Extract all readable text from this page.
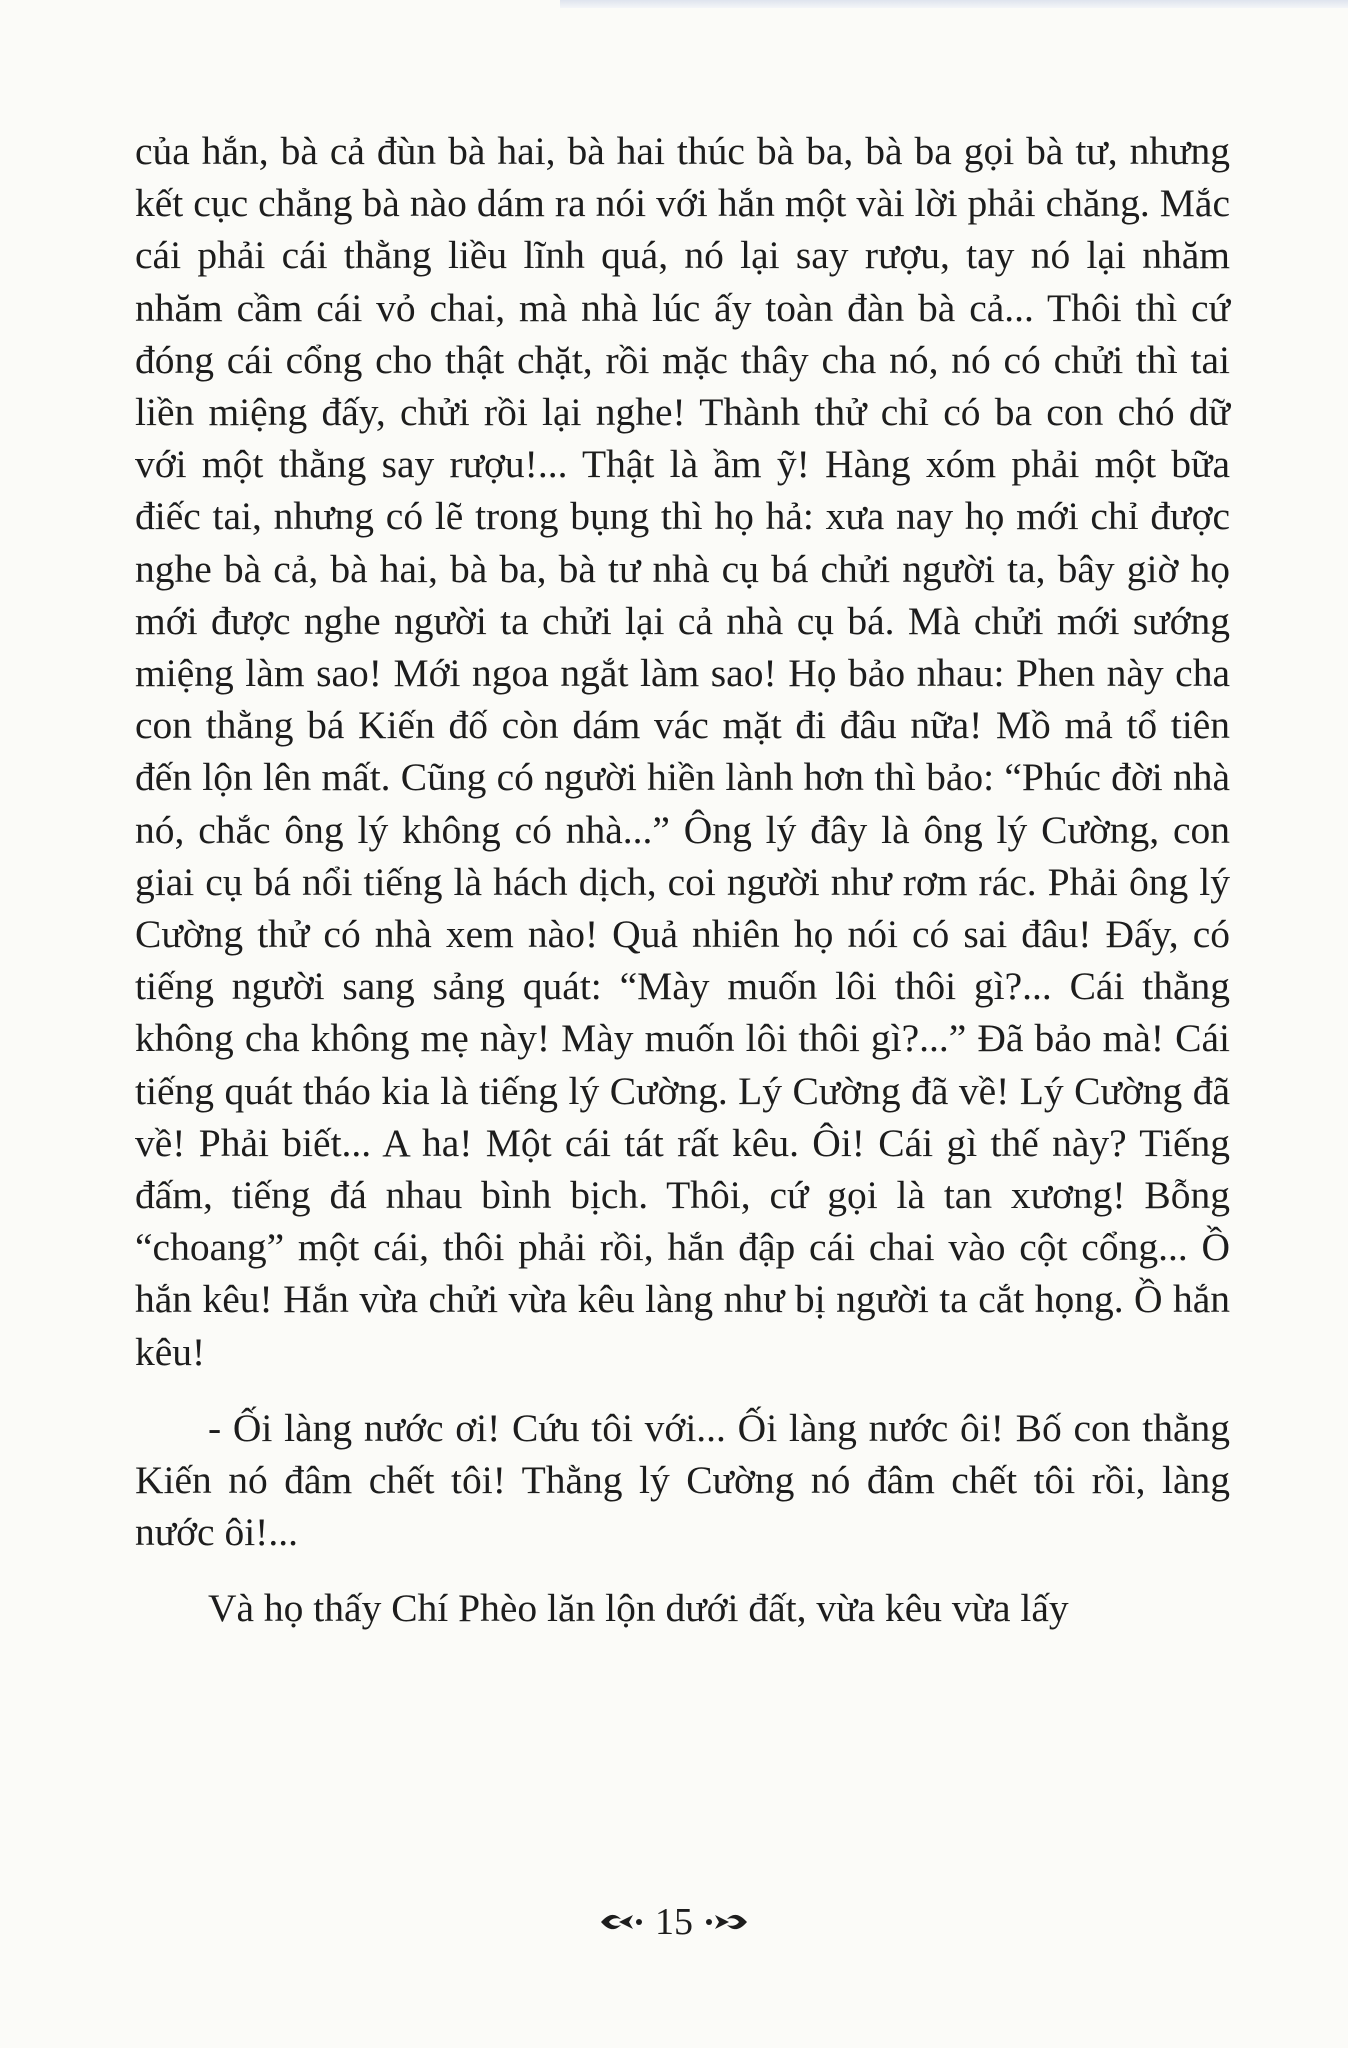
của hắn, bà cả đùn bà hai, bà hai thúc bà ba, bà ba gọi bà tư, nhưng kết cục chẳng bà nào dám ra nói với hắn một vài lời phải chăng. Mắc cái phải cái thằng liều lĩnh quá, nó lại say rượu, tay nó lại nhăm nhăm cầm cái vỏ chai, mà nhà lúc ấy toàn đàn bà cả... Thôi thì cứ đóng cái cổng cho thật chặt, rồi mặc thây cha nó, nó có chửi thì tai liền miệng đấy, chửi rồi lại nghe! Thành thử chỉ có ba con chó dữ với một thằng say rượu!... Thật là ầm ỹ! Hàng xóm phải một bữa điếc tai, nhưng có lẽ trong bụng thì họ hả: xưa nay họ mới chỉ được nghe bà cả, bà hai, bà ba, bà tư nhà cụ bá chửi người ta, bây giờ họ mới được nghe người ta chửi lại cả nhà cụ bá. Mà chửi mới sướng miệng làm sao! Mới ngoa ngắt làm sao! Họ bảo nhau: Phen này cha con thằng bá Kiến đố còn dám vác mặt đi đâu nữa! Mồ mả tổ tiên đến lộn lên mất. Cũng có người hiền lành hơn thì bảo: “Phúc đời nhà nó, chắc ông lý không có nhà...” Ông lý đây là ông lý Cường, con giai cụ bá nổi tiếng là hách dịch, coi người như rơm rác. Phải ông lý Cường thử có nhà xem nào! Quả nhiên họ nói có sai đâu! Đấy, có tiếng người sang sảng quát: “Mày muốn lôi thôi gì?... Cái thằng không cha không mẹ này! Mày muốn lôi thôi gì?...” Đã bảo mà! Cái tiếng quát tháo kia là tiếng lý Cường. Lý Cường đã về! Lý Cường đã về! Phải biết... A ha! Một cái tát rất kêu. Ôi! Cái gì thế này? Tiếng đấm, tiếng đá nhau bình bịch. Thôi, cứ gọi là tan xương! Bỗng “choang” một cái, thôi phải rồi, hắn đập cái chai vào cột cổng... Ồ hắn kêu! Hắn vừa chửi vừa kêu làng như bị người ta cắt họng. Ồ hắn kêu!

- Ối làng nước ơi! Cứu tôi với... Ối làng nước ôi! Bố con thằng Kiến nó đâm chết tôi! Thằng lý Cường nó đâm chết tôi rồi, làng nước ôi!...

Và họ thấy Chí Phèo lăn lộn dưới đất, vừa kêu vừa lấy

15
